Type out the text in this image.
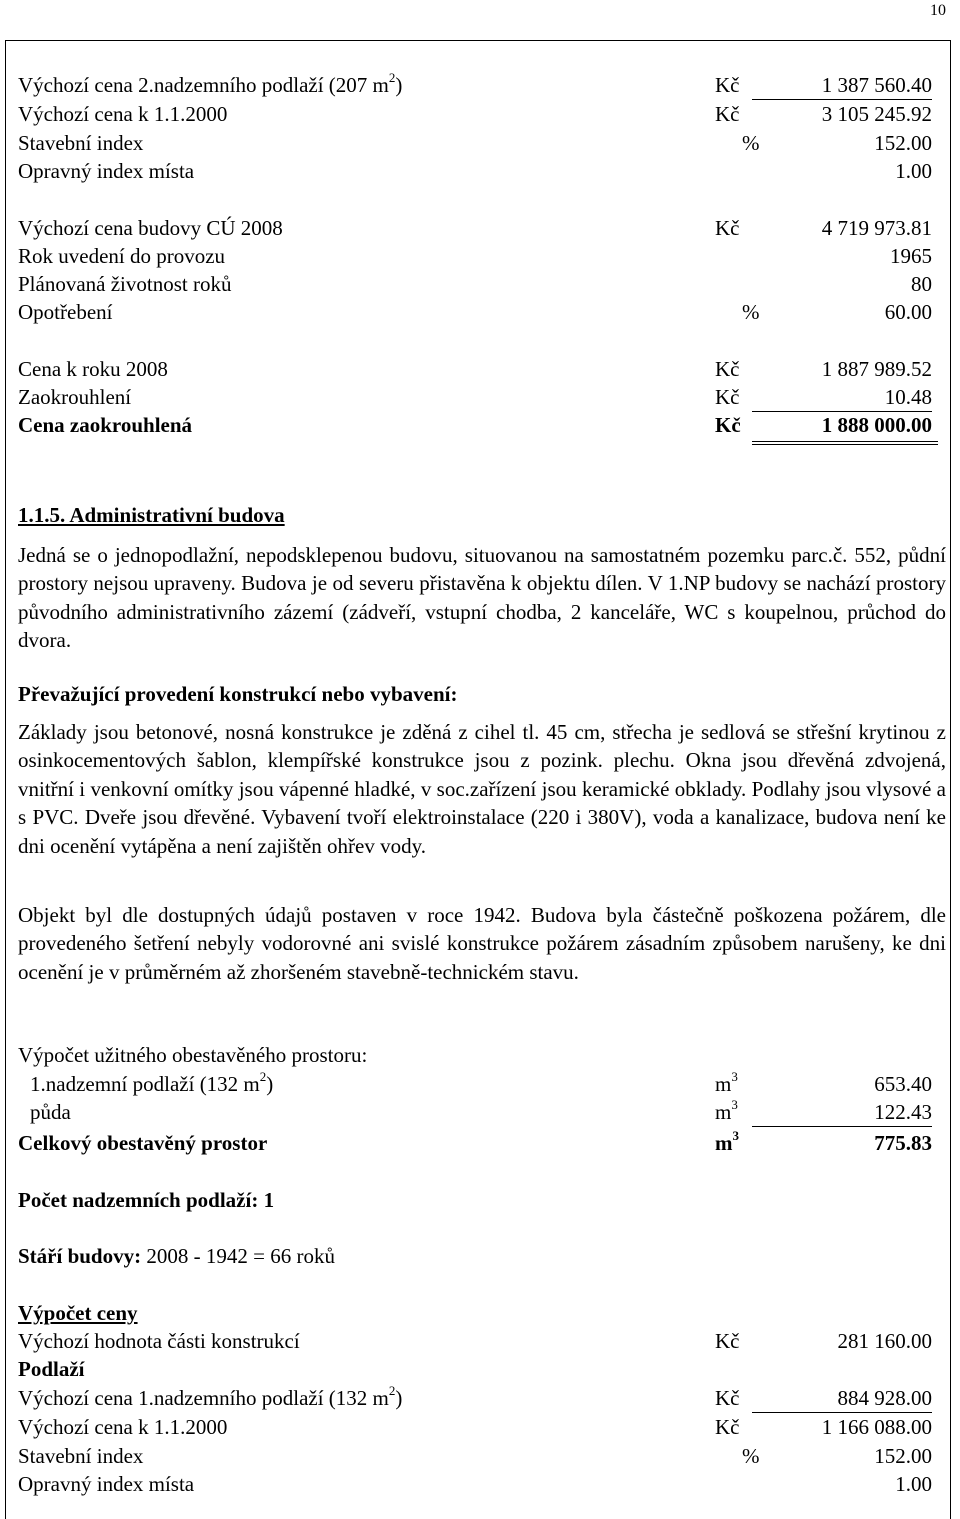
10
Výchozí cena 2.nadzemního podlaží (207 $m^2$)	Kč	1 387 560.40
Výchozí cena k 1.1.2000	Kč	3 105 245.92
Stavební index	%	152.00
Opravný index místa	1.00
Výchozí cena budovy CÚ 2008	Kč	4 719 973.81
Rok uvedení do provozu	1965
Plánovaná životnost roků	80
Opotřebení	%	60.00
Cena k roku 2008	Kč	1 887 989.52
Zaokrouhlení	Kč	10.48
Cena zaokrouhlená	Kč	1 888 000.00
1.1.5. Administrativní budova

Jedná se o jednopodlažní, nepodsklepenou budovu, situovanou na samostatném pozemku parc.č. 552, půdní prostory nejsou upraveny. Budova je od severu přistavěna k objektu dílen. V 1.NP budovy se nachází prostory původního administrativního zázemí (zádveří, vstupní chodba, 2 kanceláře, WC s koupelnou, průchod do dvora.

Převažující provedení konstrukcí nebo vybavení:

Základy jsou betonové, nosná konstrukce je zděná z cihel tl. 45 cm, střecha je sedlová se střešní krytinou z osinkocementových šablon, klempířské konstrukce jsou z pozink. plechu. Okna jsou dřevěná zdvojená, vnitřní i venkovní omítky jsou vápenné hladké, v soc.zařízení jsou keramické obklady. Podlahy jsou vlysové a s PVC. Dveře jsou dřevěné. Vybavení tvoří elektroinstalace (220 i 380V), voda a kanalizace, budova není ke dni ocenění vytápěna a není zajištěn ohřev vody.

Objekt byl dle dostupných údajů postaven v roce 1942. Budova byla částečně poškozena požárem, dle provedeného šetření nebyly vodorovné ani svislé konstrukce požárem zásadním způsobem narušeny, ke dni ocenění je v průměrném až zhoršeném stavebně-technickém stavu.

Výpočet užitného obestavěného prostoru:
1.nadzemní podlaží (132 $m^2$)	$m^3$	653.40
půda	$m^3$	122.43
Celkový obestavěný prostor	$m^3$	775.83
Počet nadzemních podlaží: 1
Stáří budovy: 2008 - 1942 = 66 roků
Výpočet ceny
Výchozí hodnota části konstrukcí	Kč	281 160.00
Podlaží
Výchozí cena 1.nadzemního podlaží (132 $m^2$)	Kč	884 928.00
Výchozí cena k 1.1.2000	Kč	1 166 088.00
Stavební index	%	152.00
Opravný index místa	1.00
